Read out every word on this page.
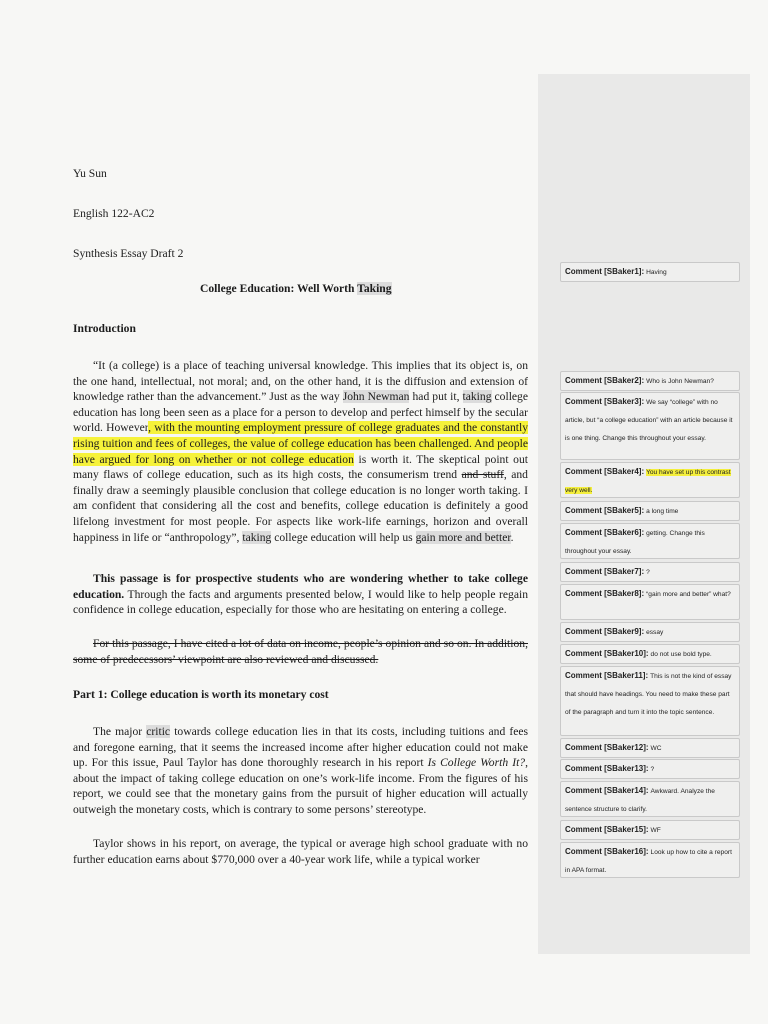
Yu Sun
English 122-AC2
Synthesis Essay Draft 2
College Education: Well Worth Taking
Introduction

“It (a college) is a place of teaching universal knowledge. This implies that its object is, on the one hand, intellectual, not moral; and, on the other hand, it is the diffusion and extension of knowledge rather than the advancement.” Just as the way John Newman had put it, taking college education has long been seen as a place for a person to develop and perfect himself by the secular world. However, with the mounting employment pressure of college graduates and the constantly rising tuition and fees of colleges, the value of college education has been challenged. And people have argued for long on whether or not college education is worth it. The skeptical point out many flaws of college education, such as its high costs, the consumerism trend and stuff, and finally draw a seemingly plausible conclusion that college education is no longer worth taking. I am confident that considering all the cost and benefits, college education is definitely a good lifelong investment for most people. For aspects like work-life earnings, horizon and overall happiness in life or “anthropology”, taking college education will help us gain more and better.

This passage is for prospective students who are wondering whether to take college education. Through the facts and arguments presented below, I would like to help people regain confidence in college education, especially for those who are hesitating on entering a college.

For this passage, I have cited a lot of data on income, people’s opinion and so on. In addition, some of predecessors’ viewpoint are also reviewed and discussed.
Part 1: College education is worth its monetary cost

The major critic towards college education lies in that its costs, including tuitions and fees and foregone earning, that it seems the increased income after higher education could not make up. For this issue, Paul Taylor has done thoroughly research in his report Is College Worth It?, about the impact of taking college education on one’s work-life income. From the figures of his report, we could see that the monetary gains from the pursuit of higher education will actually outweigh the monetary costs, which is contrary to some persons’ stereotype.

Taylor shows in his report, on average, the typical or average high school graduate with no further education earns about $770,000 over a 40-year work life, while a typical worker
Comment [SBaker1]: Having
Comment [SBaker2]: Who is John Newman?
Comment [SBaker3]: We say “college” with no article, but “a college education” with an article because it is one thing. Change this throughout your essay.
Comment [SBaker4]: You have set up this contrast very well.
Comment [SBaker5]: a long time
Comment [SBaker6]: getting. Change this throughout your essay.
Comment [SBaker7]: ?
Comment [SBaker8]: “gain more and better” what?
Comment [SBaker9]: essay
Comment [SBaker10]: do not use bold type.
Comment [SBaker11]: This is not the kind of essay that should have headings. You need to make these part of the paragraph and turn it into the topic sentence.
Comment [SBaker12]: WC
Comment [SBaker13]: ?
Comment [SBaker14]: Awkward. Analyze the sentence structure to clarify.
Comment [SBaker15]: WF
Comment [SBaker16]: Look up how to cite a report in APA format.
